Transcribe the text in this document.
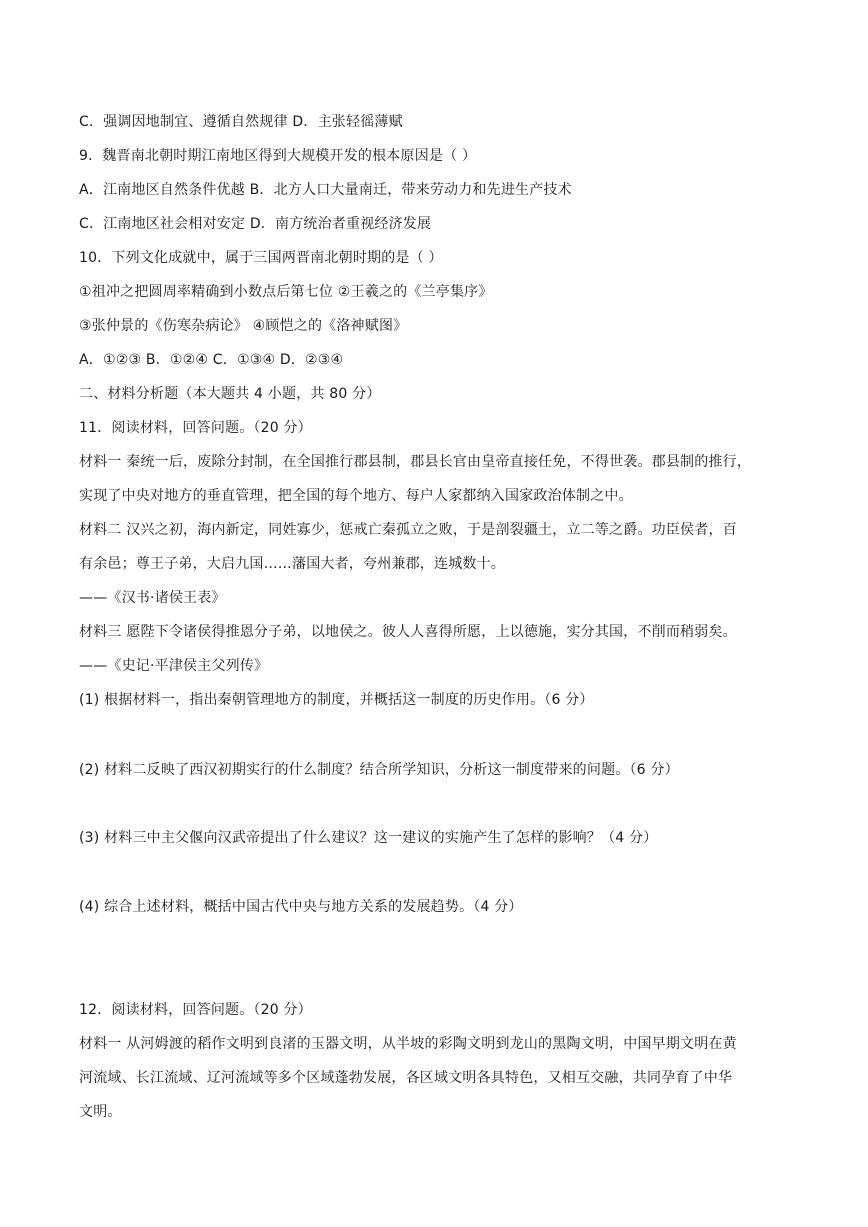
C．强调因地制宜、遵循自然规律 D．主张轻徭薄赋
9．魏晋南北朝时期江南地区得到大规模开发的根本原因是（ ）
A．江南地区自然条件优越 B．北方人口大量南迁，带来劳动力和先进生产技术
C．江南地区社会相对安定 D．南方统治者重视经济发展
10．下列文化成就中，属于三国两晋南北朝时期的是（ ）
①祖冲之把圆周率精确到小数点后第七位 ②王羲之的《兰亭集序》
③张仲景的《伤寒杂病论》 ④顾恺之的《洛神赋图》
A．①②③ B．①②④ C．①③④ D．②③④
二、材料分析题（本大题共 4 小题，共 80 分）
11．阅读材料，回答问题。（20 分）
材料一 秦统一后，废除分封制，在全国推行郡县制，郡县长官由皇帝直接任免，不得世袭。郡县制的推行，
实现了中央对地方的垂直管理，把全国的每个地方、每户人家都纳入国家政治体制之中。
材料二 汉兴之初，海内新定，同姓寡少，惩戒亡秦孤立之败，于是剖裂疆土，立二等之爵。功臣侯者，百
有余邑；尊王子弟，大启九国……藩国大者，夸州兼郡，连城数十。
——《汉书·诸侯王表》
材料三 愿陛下令诸侯得推恩分子弟，以地侯之。彼人人喜得所愿，上以德施，实分其国，不削而稍弱矣。
——《史记·平津侯主父列传》
(1) 根据材料一，指出秦朝管理地方的制度，并概括这一制度的历史作用。（6 分）
(2) 材料二反映了西汉初期实行的什么制度？结合所学知识，分析这一制度带来的问题。（6 分）
(3) 材料三中主父偃向汉武帝提出了什么建议？这一建议的实施产生了怎样的影响？（4 分）
(4) 综合上述材料，概括中国古代中央与地方关系的发展趋势。（4 分）
12．阅读材料，回答问题。（20 分）
材料一 从河姆渡的稻作文明到良渚的玉器文明，从半坡的彩陶文明到龙山的黑陶文明，中国早期文明在黄
河流域、长江流域、辽河流域等多个区域蓬勃发展，各区域文明各具特色，又相互交融，共同孕育了中华
文明。
